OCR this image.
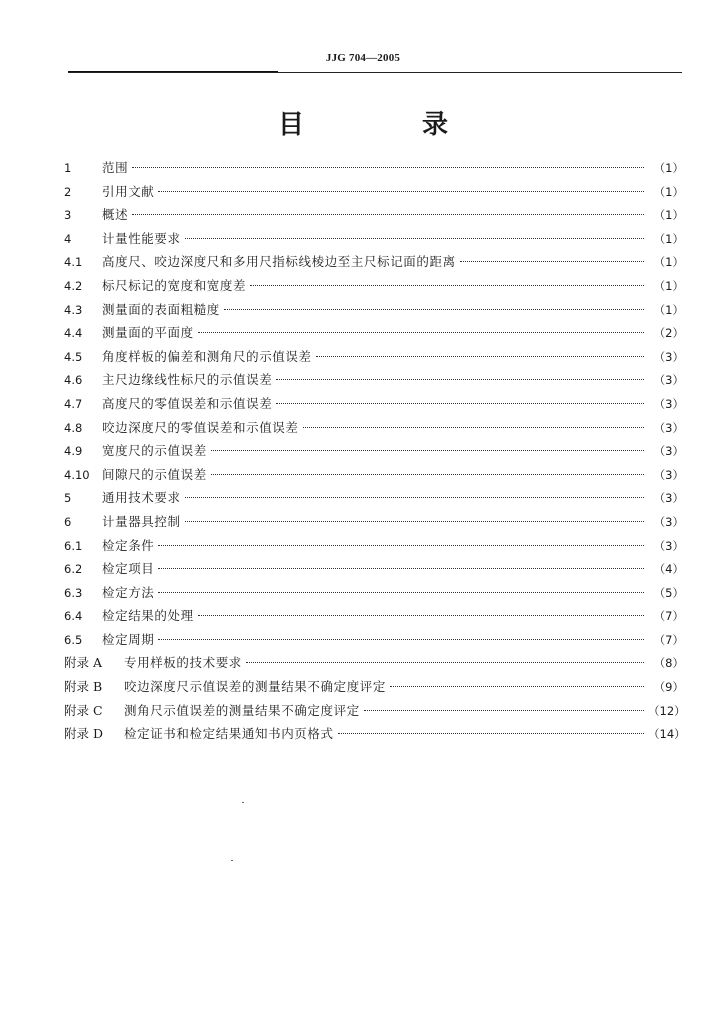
JJG 704—2005
目　录
1	范围	（1）
2	引用文献	（1）
3	概述	（1）
4	计量性能要求	（1）
4.1	高度尺、咬边深度尺和多用尺指标线棱边至主尺标记面的距离	（1）
4.2	标尺标记的宽度和宽度差	（1）
4.3	测量面的表面粗糙度	（1）
4.4	测量面的平面度	（2）
4.5	角度样板的偏差和测角尺的示值误差	（3）
4.6	主尺边缘线性标尺的示值误差	（3）
4.7	高度尺的零值误差和示值误差	（3）
4.8	咬边深度尺的零值误差和示值误差	（3）
4.9	宽度尺的示值误差	（3）
4.10 间隙尺的示值误差	（3）
5	通用技术要求	（3）
6	计量器具控制	（3）
6.1	检定条件	（3）
6.2	检定项目	（4）
6.3	检定方法	（5）
6.4	检定结果的处理	（7）
6.5	检定周期	（7）
附录 A	专用样板的技术要求	（8）
附录 B	咬边深度尺示值误差的测量结果不确定度评定	（9）
附录 C	测角尺示值误差的测量结果不确定度评定	（12）
附录 D	检定证书和检定结果通知书内页格式	（14）
